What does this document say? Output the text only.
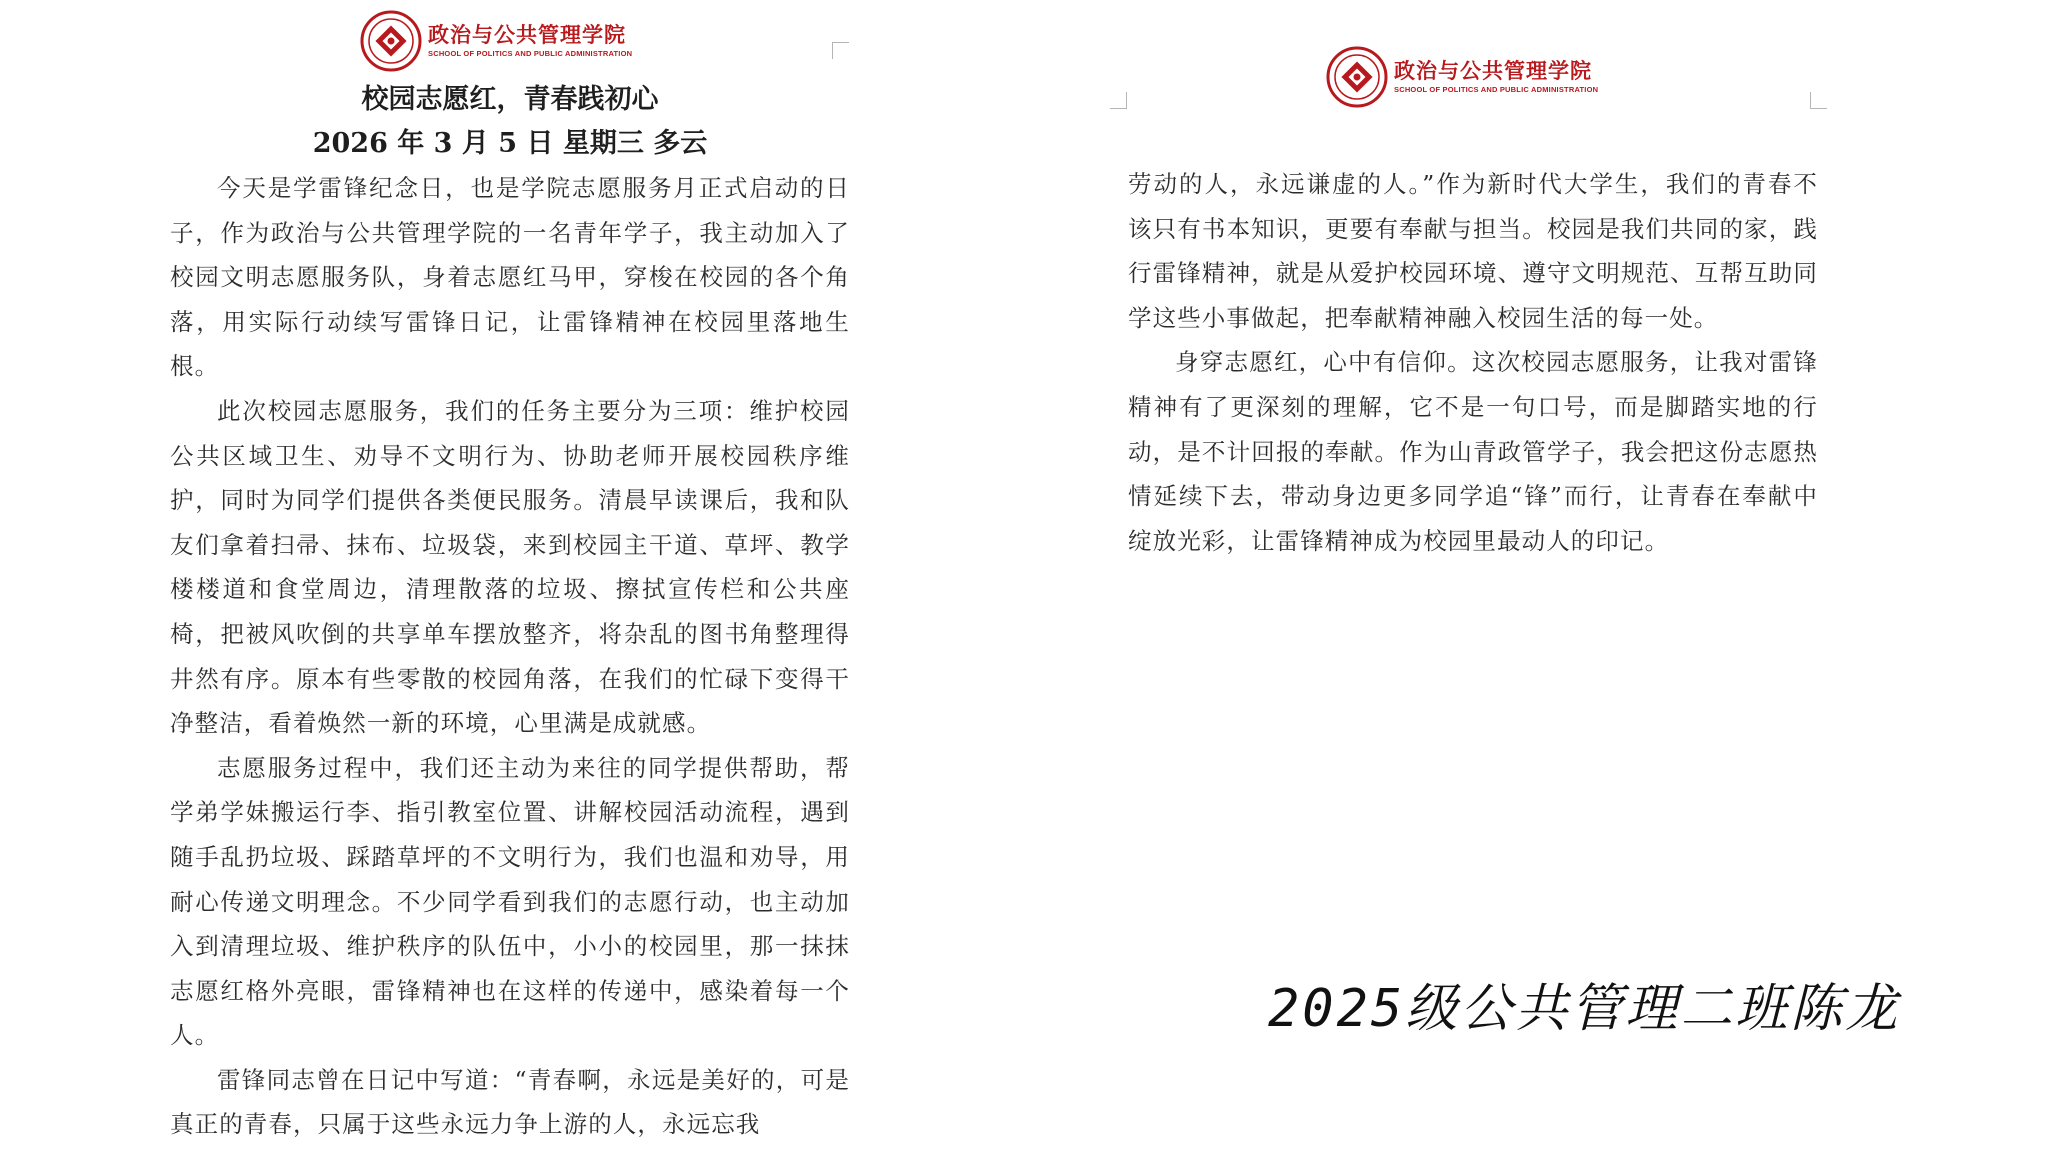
政治与公共管理学院
SCHOOL OF POLITICS AND PUBLIC ADMINISTRATION
校园志愿红，青春践初心
2026 年 3 月 5 日 星期三 多云

今天是学雷锋纪念日，也是学院志愿服务月正式启动的日子，作为政治与公共管理学院的一名青年学子，我主动加入了校园文明志愿服务队，身着志愿红马甲，穿梭在校园的各个角落，用实际行动续写雷锋日记，让雷锋精神在校园里落地生根。

此次校园志愿服务，我们的任务主要分为三项：维护校园公共区域卫生、劝导不文明行为、协助老师开展校园秩序维护，同时为同学们提供各类便民服务。清晨早读课后，我和队友们拿着扫帚、抹布、垃圾袋，来到校园主干道、草坪、教学楼楼道和食堂周边，清理散落的垃圾、擦拭宣传栏和公共座椅，把被风吹倒的共享单车摆放整齐，将杂乱的图书角整理得井然有序。原本有些零散的校园角落，在我们的忙碌下变得干净整洁，看着焕然一新的环境，心里满是成就感。

志愿服务过程中，我们还主动为来往的同学提供帮助，帮学弟学妹搬运行李、指引教室位置、讲解校园活动流程，遇到随手乱扔垃圾、踩踏草坪的不文明行为，我们也温和劝导，用耐心传递文明理念。不少同学看到我们的志愿行动，也主动加入到清理垃圾、维护秩序的队伍中，小小的校园里，那一抹抹志愿红格外亮眼，雷锋精神也在这样的传递中，感染着每一个人。

雷锋同志曾在日记中写道：“青春啊，永远是美好的，可是真正的青春，只属于这些永远力争上游的人，永远忘我

政治与公共管理学院
SCHOOL OF POLITICS AND PUBLIC ADMINISTRATION

劳动的人，永远谦虚的人。”作为新时代大学生，我们的青春不该只有书本知识，更要有奉献与担当。校园是我们共同的家，践行雷锋精神，就是从爱护校园环境、遵守文明规范、互帮互助同学这些小事做起，把奉献精神融入校园生活的每一处。

身穿志愿红，心中有信仰。这次校园志愿服务，让我对雷锋精神有了更深刻的理解，它不是一句口号，而是脚踏实地的行动，是不计回报的奉献。作为山青政管学子，我会把这份志愿热情延续下去，带动身边更多同学追“锋”而行，让青春在奉献中绽放光彩，让雷锋精神成为校园里最动人的印记。

2025级公共管理二班陈龙
